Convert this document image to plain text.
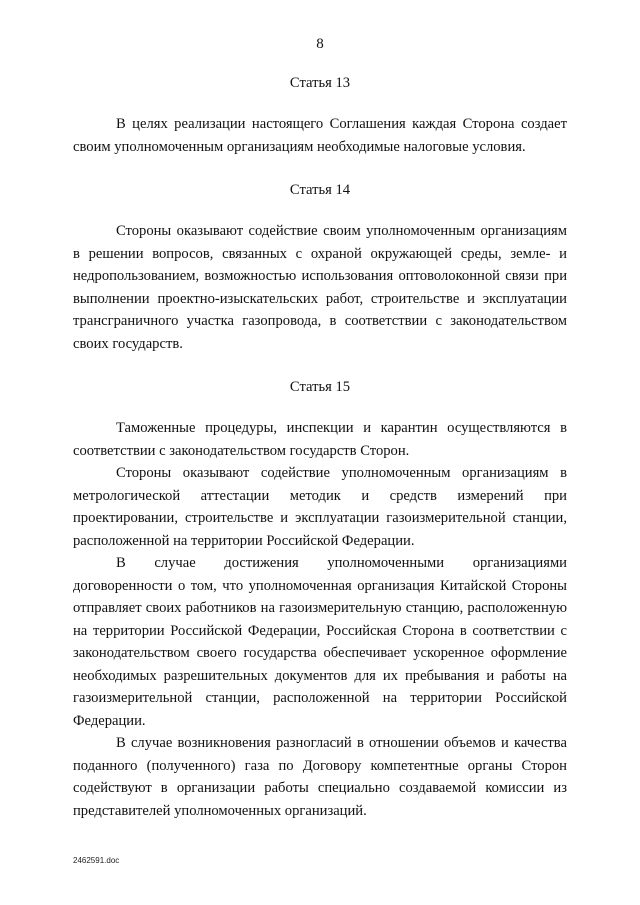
8
Статья 13

В целях реализации настоящего Соглашения каждая Сторона создает своим уполномоченным организациям необходимые налоговые условия.

Статья 14

Стороны оказывают содействие своим уполномоченным организациям в решении вопросов, связанных с охраной окружающей среды, земле- и недропользованием, возможностью использования оптоволоконной связи при выполнении проектно-изыскательских работ, строительстве и эксплуатации трансграничного участка газопровода, в соответствии с законодательством своих государств.

Статья 15

Таможенные процедуры, инспекции и карантин осуществляются в соответствии с законодательством государств Сторон.

Стороны оказывают содействие уполномоченным организациям в метрологической аттестации методик и средств измерений при проектировании, строительстве и эксплуатации газоизмерительной станции, расположенной на территории Российской Федерации.

В случае достижения уполномоченными организациями договоренности о том, что уполномоченная организация Китайской Стороны отправляет своих работников на газоизмерительную станцию, расположенную на территории Российской Федерации, Российская Сторона в соответствии с законодательством своего государства обеспечивает ускоренное оформление необходимых разрешительных документов для их пребывания и работы на газоизмерительной станции, расположенной на территории Российской Федерации.

В случае возникновения разногласий в отношении объемов и качества поданного (полученного) газа по Договору компетентные органы Сторон содействуют в организации работы специально создаваемой комиссии из представителей уполномоченных организаций.

2462591.doc
